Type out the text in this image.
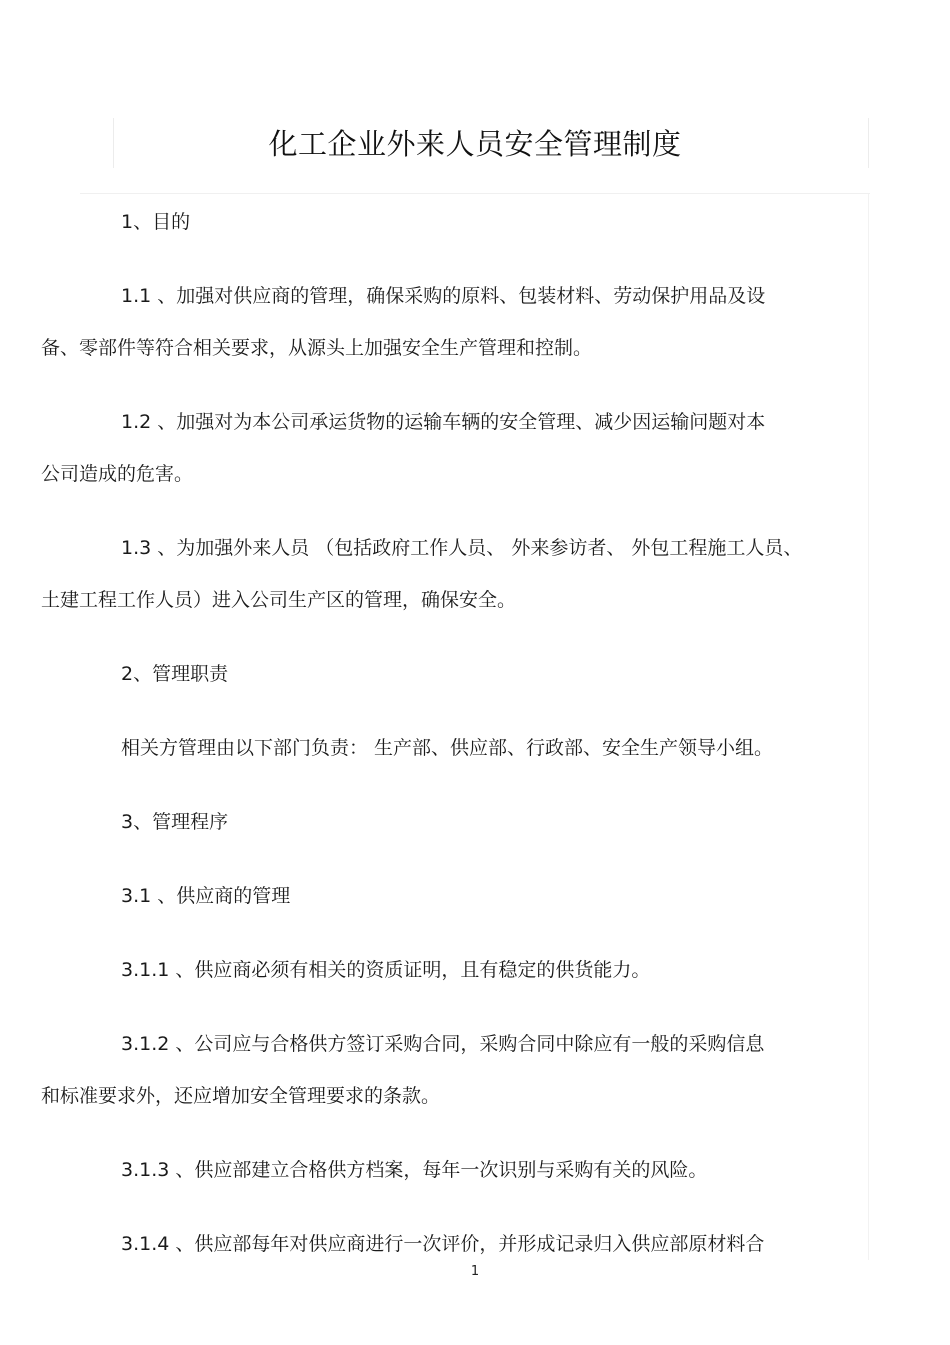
化工企业外来人员安全管理制度

1、目的

1.1 、加强对供应商的管理，确保采购的原料、包装材料、劳动保护用品及设
备、零部件等符合相关要求，从源头上加强安全生产管理和控制。

1.2 、加强对为本公司承运货物的运输车辆的安全管理、减少因运输问题对本
公司造成的危害。

1.3 、为加强外来人员 （包括政府工作人员、 外来参访者、 外包工程施工人员、
土建工程工作人员）进入公司生产区的管理，确保安全。

2、管理职责

相关方管理由以下部门负责： 生产部、供应部、行政部、安全生产领导小组。

3、管理程序

3.1 、供应商的管理

3.1.1 、供应商必须有相关的资质证明，且有稳定的供货能力。

3.1.2 、公司应与合格供方签订采购合同，采购合同中除应有一般的采购信息
和标准要求外，还应增加安全管理要求的条款。

3.1.3 、供应部建立合格供方档案，每年一次识别与采购有关的风险。

3.1.4 、供应部每年对供应商进行一次评价，并形成记录归入供应部原材料合

1
